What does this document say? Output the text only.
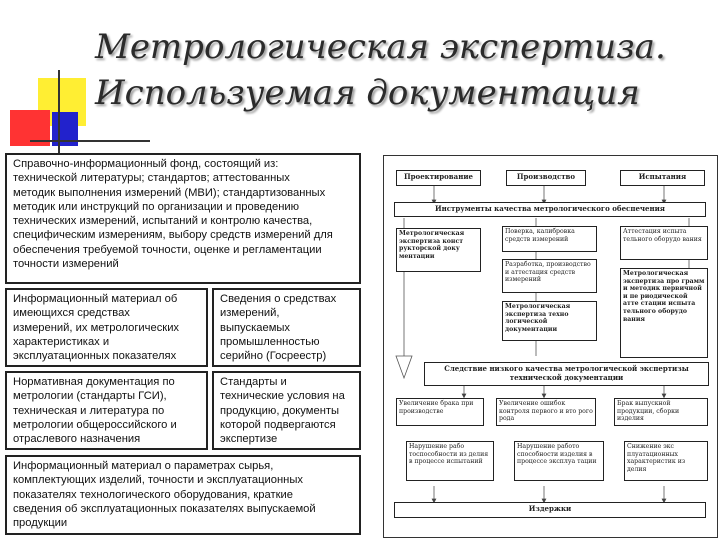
Метрологическая экспертиза.
Используемая документация
Справочно-информационный фонд, состоящий из:
технической литературы; стандартов; аттестованных
методик выполнения измерений (МВИ); стандартизованных
методик или инструкций по организации и проведению
технических измерений, испытаний и контролю качества,
специфическим измерениям, выбору средств измерений для
обеспечения требуемой точности, оценке и регламентации
точности измерений
Информационный материал об
имеющихся средствах
измерений, их метрологических
характеристиках и
эксплуатационных показателях
Сведения о средствах
измерений,
выпускаемых
промышленностью
серийно (Госреестр)
Нормативная документация по
метрологии (стандарты ГСИ),
техническая и литература по
метрологии общероссийского и
отраслевого назначения
Стандарты и
технические условия на
продукцию, документы
которой подвергаются
экспертизе
Информационный материал о параметрах сырья,
комплектующих изделий, точности и эксплуатационных
показателях технологического оборудования, краткие
сведения об эксплуатационных показателях выпускаемой
продукции
Проектирование	Производство	Испытания
Инструменты качества метрологического обеспечения
Метрологическая экспертиза конст рукторской доку ментации
Поверка, калибровка средств измерений
Разработка, производство и аттестация средств измерений
Метрологическая экспертиза техно логической документации
Аттестация испыта тельного оборудо вания
Метрологическая экспертиза про грамм и методик первичной и пе риодической атте стации испыта тельного оборудо вания
Следствие низкого качества метрологической экспертизы технической документации
Увеличение брака при производстве
Увеличение ошибок контроля первого и вто рого рода
Брак выпускной продукции, сборки изделия
Нарушение рабо тоспособности из делия в процессе испытаний
Нарушение работо способности изделия в процессе эксплуа тации
Снижение экс плуатационных характеристик из делия
Издержки
